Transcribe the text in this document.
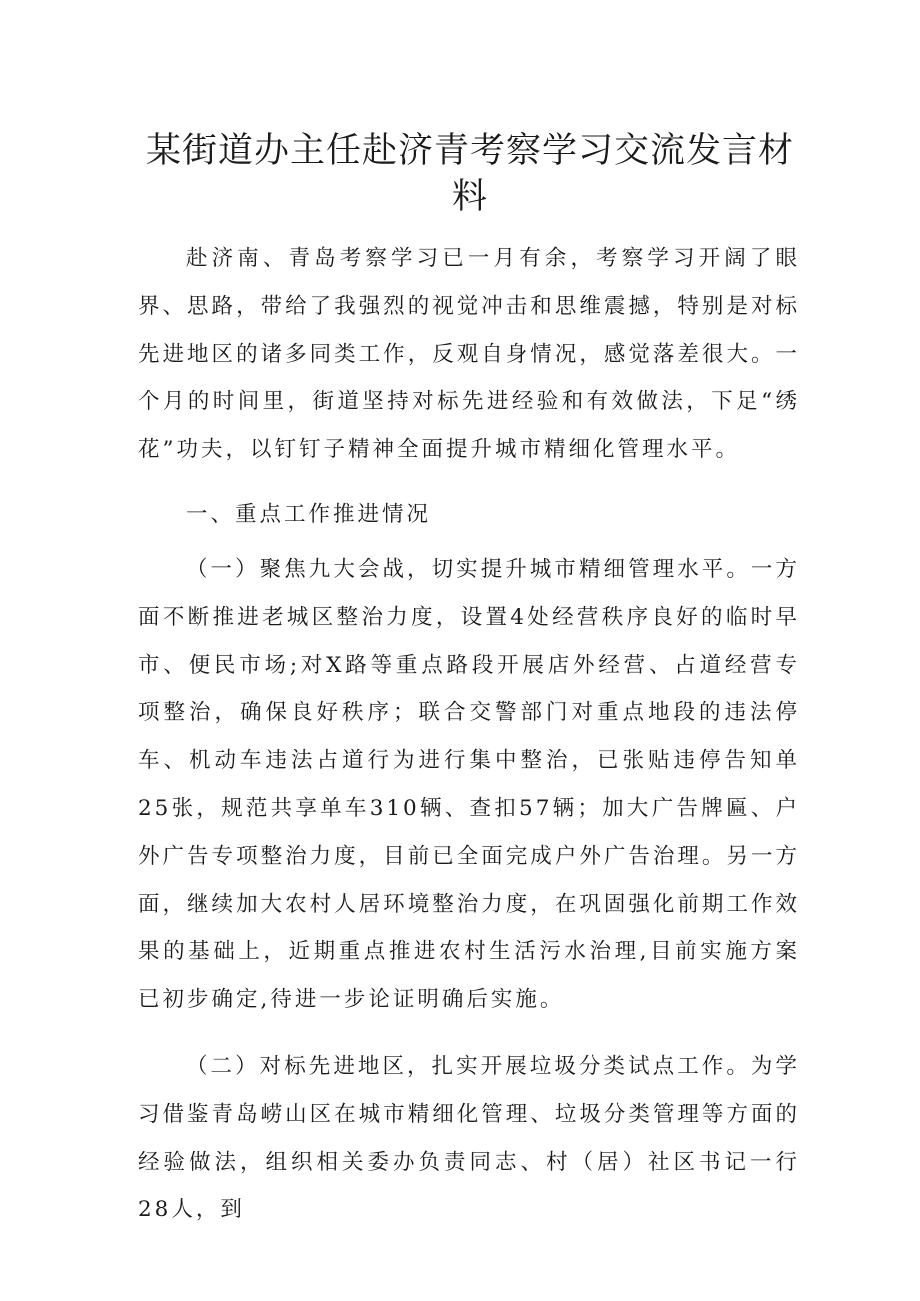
某街道办主任赴济青考察学习交流发言材料

赴济南、青岛考察学习已一月有余，考察学习开阔了眼界、思路，带给了我强烈的视觉冲击和思维震撼，特别是对标先进地区的诸多同类工作，反观自身情况，感觉落差很大。一个月的时间里，街道坚持对标先进经验和有效做法，下足“绣花”功夫，以钉钉子精神全面提升城市精细化管理水平。

一、重点工作推进情况

（一）聚焦九大会战，切实提升城市精细管理水平。一方面不断推进老城区整治力度，设置4处经营秩序良好的临时早市、便民市场;对X路等重点路段开展店外经营、占道经营专项整治，确保良好秩序；联合交警部门对重点地段的违法停车、机动车违法占道行为进行集中整治，已张贴违停告知单25张，规范共享单车310辆、查扣57辆；加大广告牌匾、户外广告专项整治力度，目前已全面完成户外广告治理。另一方面，继续加大农村人居环境整治力度，在巩固强化前期工作效果的基础上，近期重点推进农村生活污水治理,目前实施方案已初步确定,待进一步论证明确后实施。

（二）对标先进地区，扎实开展垃圾分类试点工作。为学习借鉴青岛崂山区在城市精细化管理、垃圾分类管理等方面的经验做法，组织相关委办负责同志、村（居）社区书记一行28人，到
